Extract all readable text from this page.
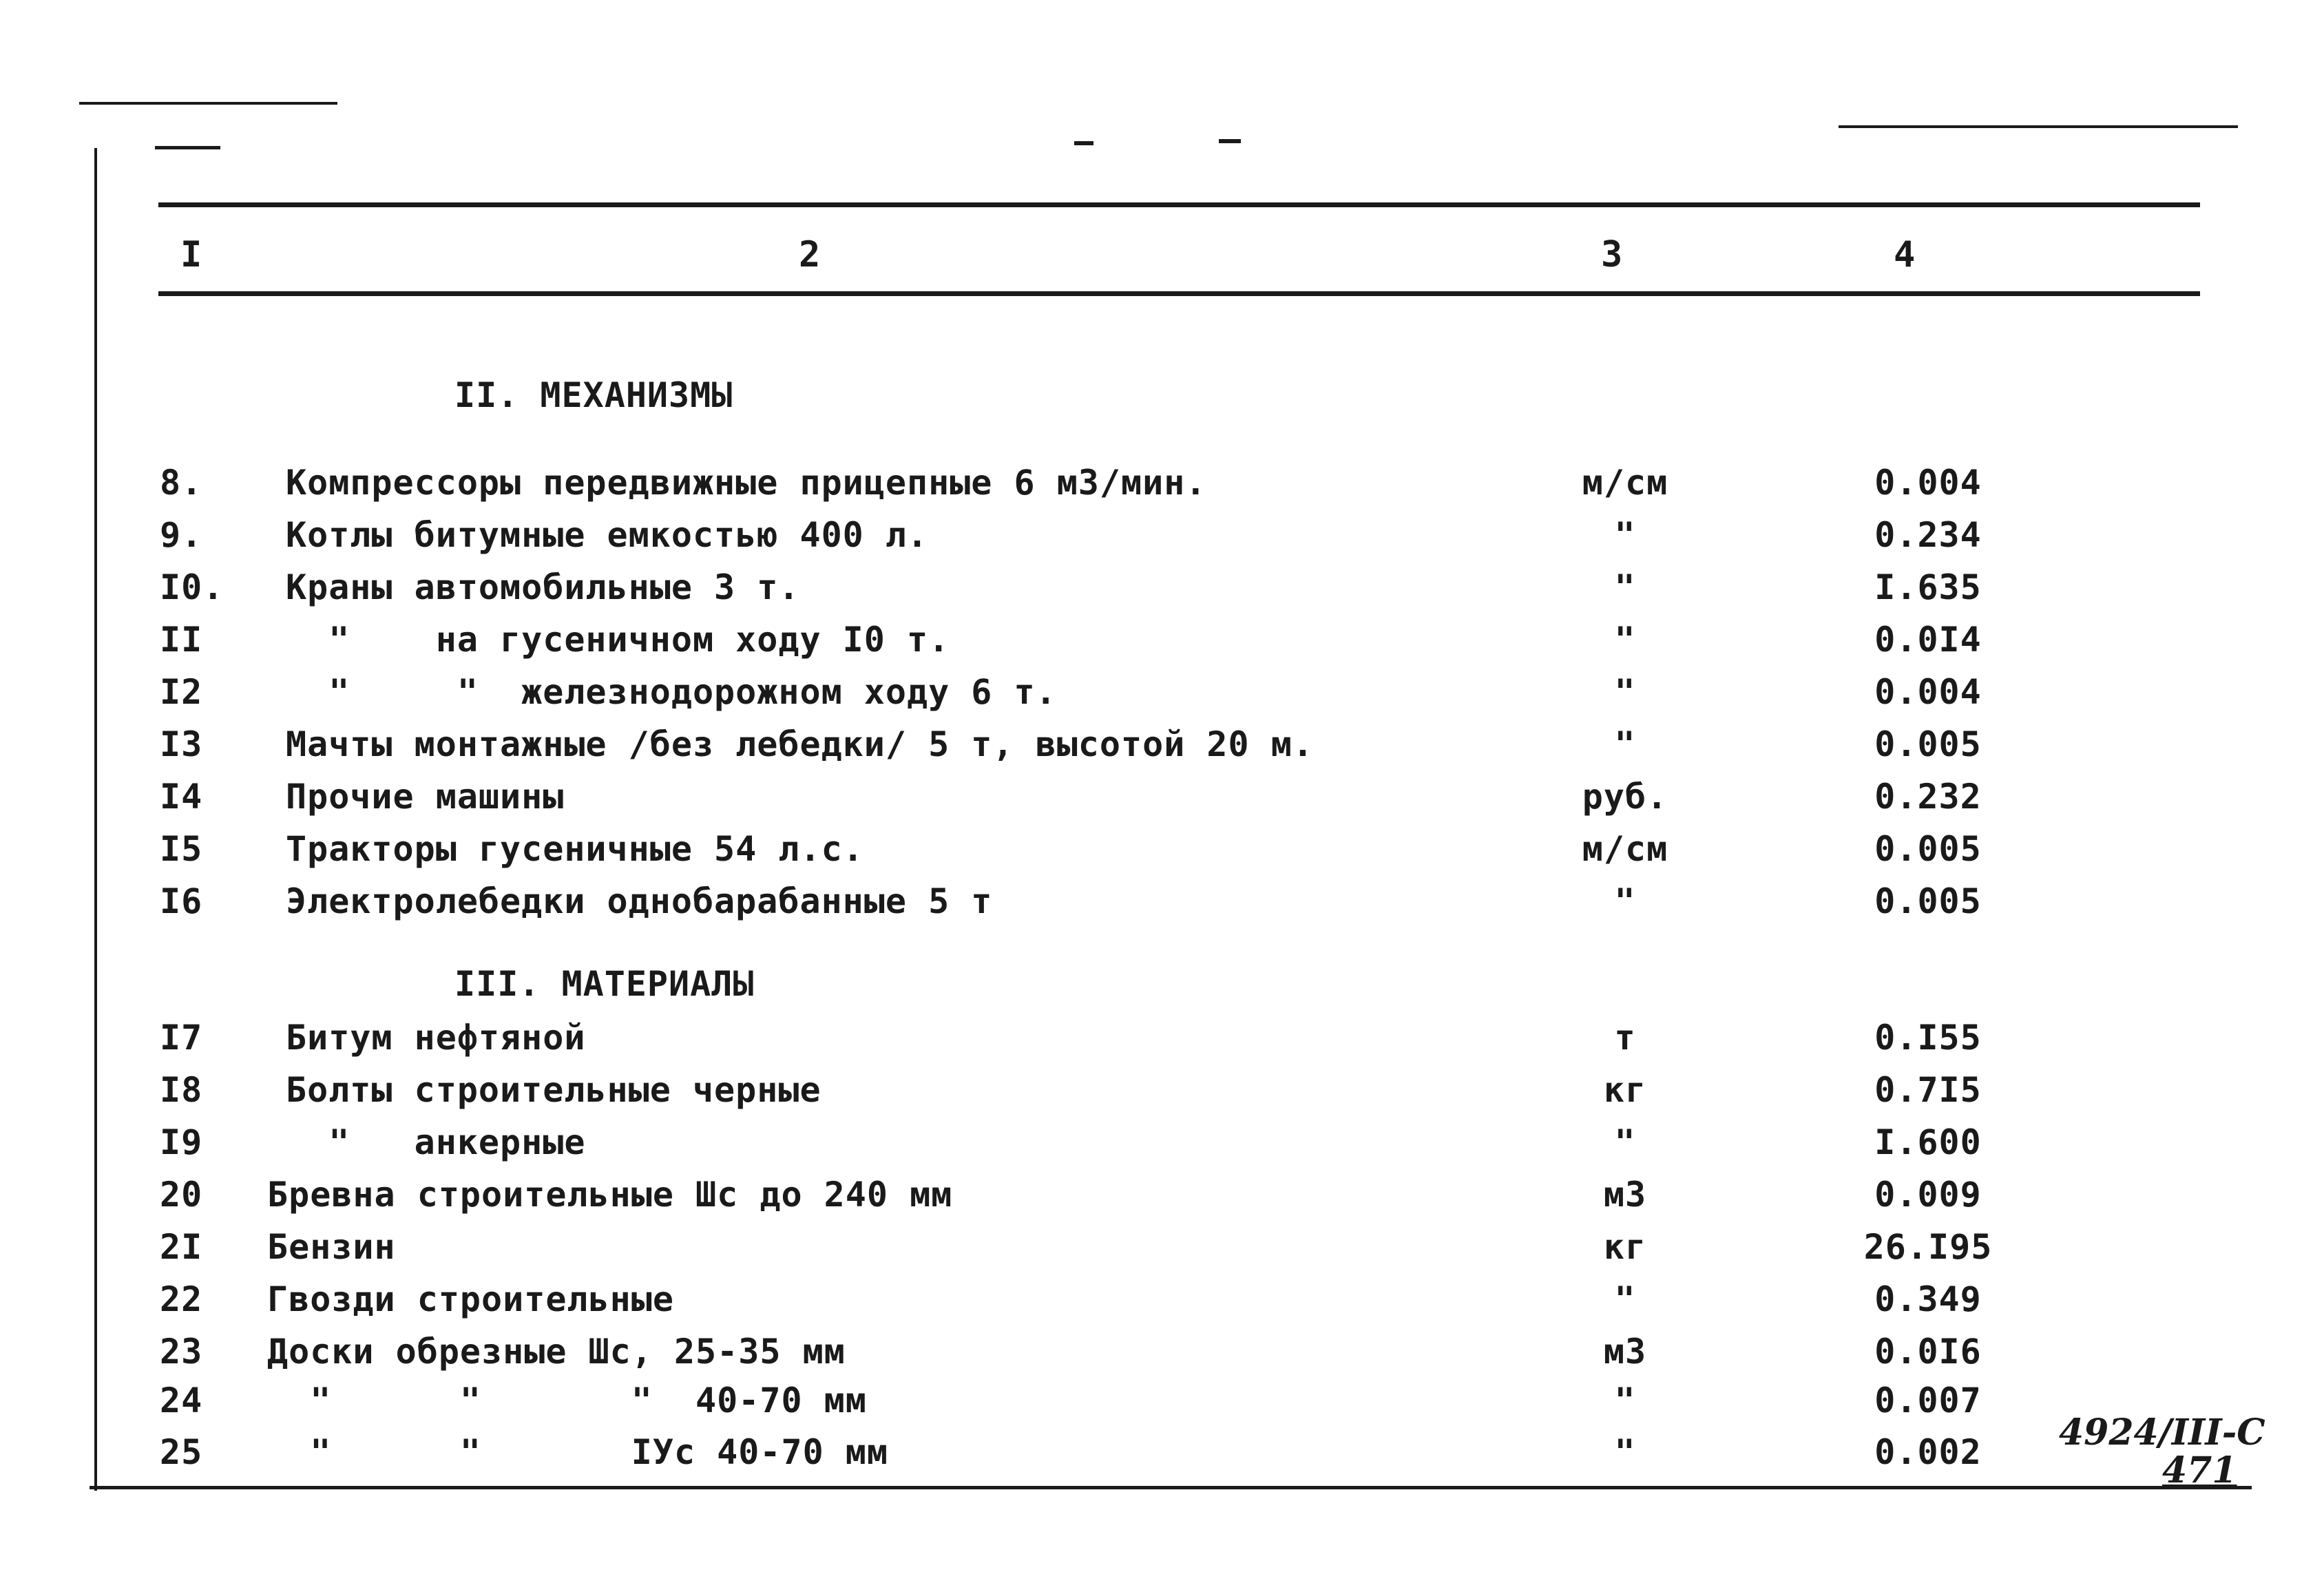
I	2	3	4
II. МЕХАНИЗМЫ
8.	Компрессоры передвижные прицепные 6 м3/мин.	м/см	0.004
9.	Котлы битумные емкостью 400 л.	"	0.234
I0.	Краны автомобильные 3 т.	"	I.635
II	"    на гусеничном ходу I0 т.	"	0.0I4
I2	"     "  железнодорожном ходу 6 т.	"	0.004
I3	Мачты монтажные /без лебедки/ 5 т, высотой 20 м.	"	0.005
I4	Прочие машины	руб.	0.232
I5	Тракторы гусеничные 54 л.с.	м/см	0.005
I6	Электролебедки однобарабанные 5 т	"	0.005
III. МАТЕРИАЛЫ
I7	Битум нефтяной	т	0.I55
I8	Болты строительные черные	кг	0.7I5
I9	"   анкерные	"	I.600
20	Бревна строительные Шс до 240 мм	м3	0.009
2I	Бензин	кг	26.I95
22	Гвозди строительные	"	0.349
23	Доски обрезные Шс, 25-35 мм	м3	0.0I6
24	"      "       "  40-70 мм	"	0.007
25	"      "       IУс 40-70 мм	"	0.002	4924/III-С
471
